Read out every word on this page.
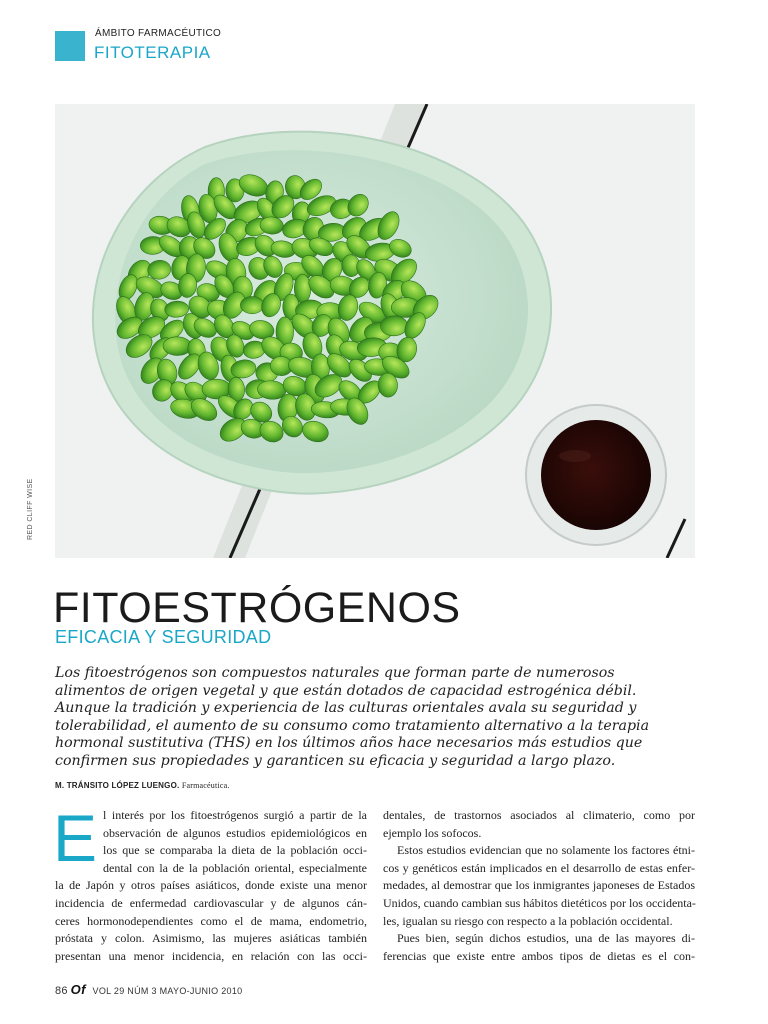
ÁMBITO FARMACÉUTICO
FITOTERAPIA
RED CLIFF WISE
FITOESTRÓGENOS
EFICACIA Y SEGURIDAD

Los fitoestrógenos son compuestos naturales que forman parte de numerosos alimentos de origen vegetal y que están dotados de capacidad estrogénica débil. Aunque la tradición y experiencia de las culturas orientales avala su seguridad y tolerabilidad, el aumento de su consumo como tratamiento alternativo a la terapia hormonal sustitutiva (THS) en los últimos años hace necesarios más estudios que confirmen sus propiedades y garanticen su eficacia y seguridad a largo plazo.

M. TRÁNSITO LÓPEZ LUENGO. Farmacéutica.
E l interés por los fitoestrógenos surgió a partir de la
observación de algunos estudios epidemiológicos en
los que se comparaba la dieta de la población occi-
dental con la de la población oriental, especialmente
la de Japón y otros países asiáticos, donde existe una menor
incidencia de enfermedad cardiovascular y de algunos cán-
ceres hormonodependientes como el de mama, endometrio,
próstata y colon. Asimismo, las mujeres asiáticas también
presentan una menor incidencia, en relación con las occi-
dentales, de trastornos asociados al climaterio, como por
ejemplo los sofocos.
Estos estudios evidencian que no solamente los factores étni-
cos y genéticos están implicados en el desarrollo de estas enfer-
medades, al demostrar que los inmigrantes japoneses de Estados
Unidos, cuando cambian sus hábitos dietéticos por los occidenta-
les, igualan su riesgo con respecto a la población occidental.
Pues bien, según dichos estudios, una de las mayores di-
ferencias que existe entre ambos tipos de dietas es el con-
86 Of VOL 29 NÚM 3 MAYO-JUNIO 2010
